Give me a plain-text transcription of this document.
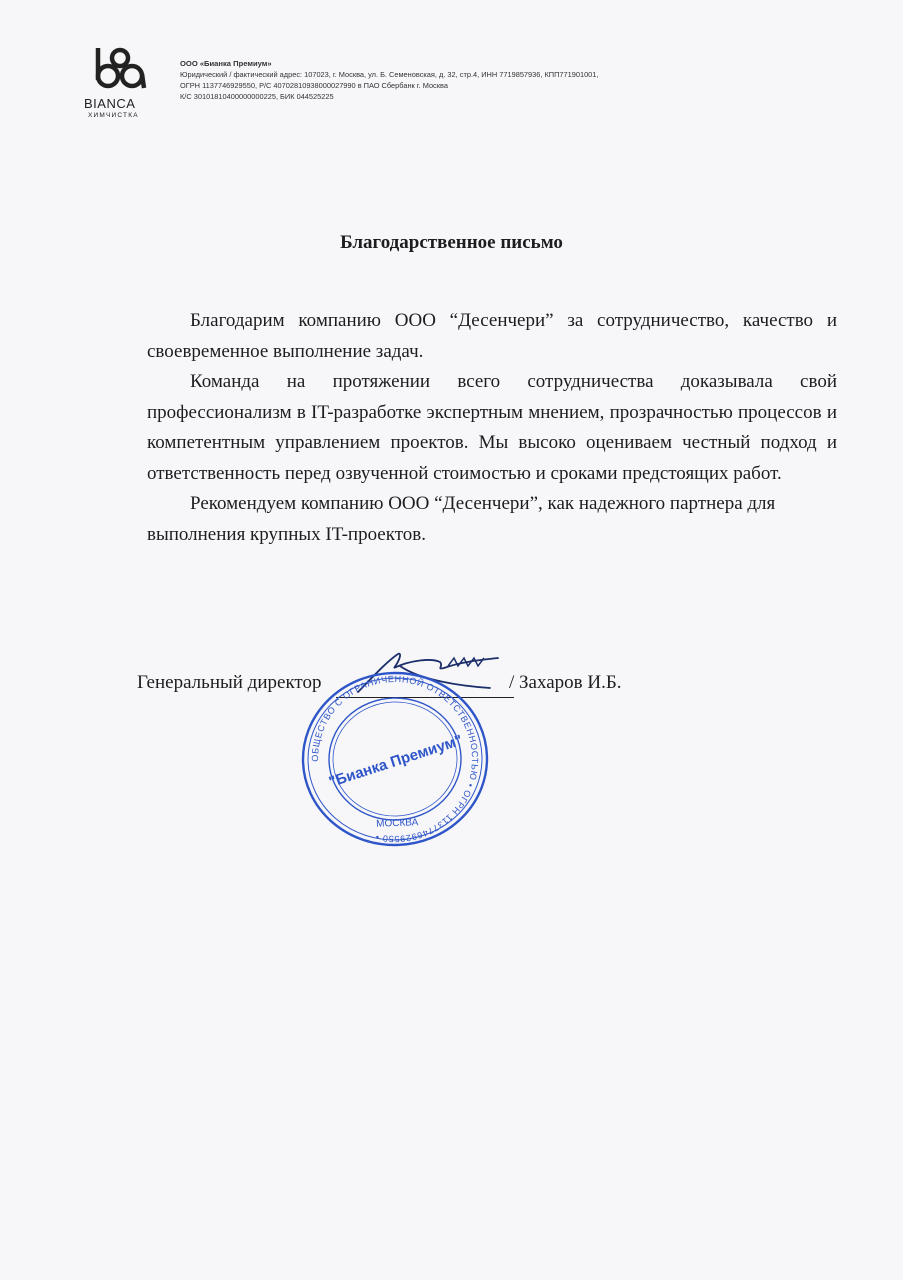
BIANCA
ХИМЧИСТКА
ООО «Бианка Премиум»
Юридический / фактический адрес: 107023, г. Москва, ул. Б. Семеновская, д. 32, стр.4, ИНН 7719857936, КПП771901001,
ОГРН 1137746929550, Р/С 40702810938000027990 в ПАО Сбербанк г. Москва
К/С 30101810400000000225, БИК 044525225
Благодарственное письмо

Благодарим компанию ООО “Десенчери” за сотрудничество, качество и своевременное выполнение задач.

Команда на протяжении всего сотрудничества доказывала свой профессионализм в IT-разработке экспертным мнением, прозрачностью процессов и компетентным управлением проектов. Мы высоко оцениваем честный подход и ответственность перед озвученной стоимостью и сроками предстоящих работ.

Рекомендуем компанию ООО “Десенчери”, как надежного партнера для выполнения крупных IT-проектов.

Генеральный директор	/ Захаров И.Б.
ОБЩЕСТВО С ОГРАНИЧЕННОЙ ОТВЕТСТВЕННОСТЬЮ • ОГРН 1137746929550 •
МОСКВА
"Бианка Премиум"
